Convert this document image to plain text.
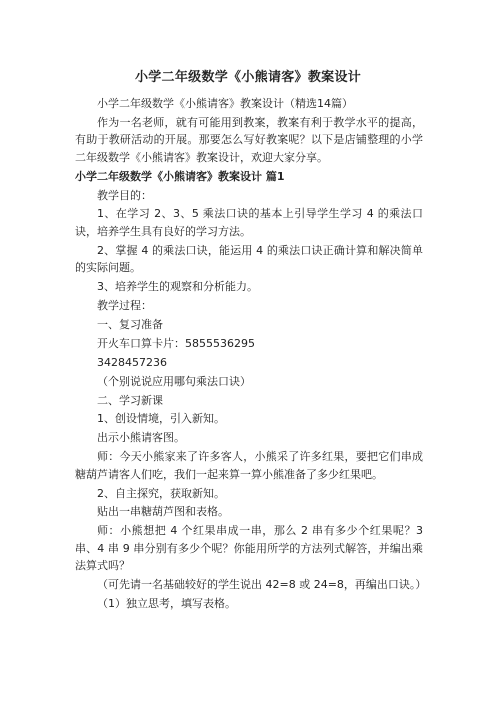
小学二年级数学《小熊请客》教案设计

小学二年级数学《小熊请客》教案设计（精选14篇）

作为一名老师，就有可能用到教案，教案有利于教学水平的提高，有助于教研活动的开展。那要怎么写好教案呢？以下是店铺整理的小学二年级数学《小熊请客》教案设计，欢迎大家分享。

小学二年级数学《小熊请客》教案设计 篇1

教学目的：

1、在学习 2、3、5 乘法口诀的基本上引导学生学习 4 的乘法口诀，培养学生具有良好的学习方法。

2、掌握 4 的乘法口诀，能运用 4 的乘法口诀正确计算和解决简单的实际问题。

3、培养学生的观察和分析能力。

教学过程：

一、复习准备

开火车口算卡片：5855536295

3428457236

（个别说说应用哪句乘法口诀）

二、学习新课

1、创设情境，引入新知。

出示小熊请客图。

师：今天小熊家来了许多客人，小熊采了许多红果，要把它们串成糖葫芦请客人们吃，我们一起来算一算小熊准备了多少红果吧。

2、自主探究，获取新知。

贴出一串糖葫芦图和表格。

师：小熊想把 4 个红果串成一串，那么 2 串有多少个红果呢？3 串、4 串 9 串分别有多少个呢？你能用所学的方法列式解答，并编出乘法算式吗？

（可先请一名基础较好的学生说出 42=8 或 24=8，再编出口诀。）

（1）独立思考，填写表格。
